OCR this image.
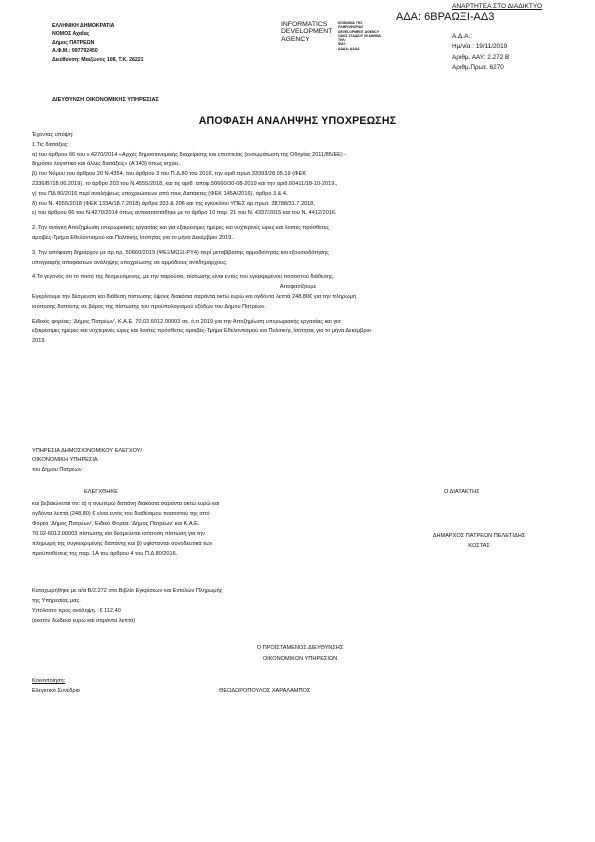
ΕΛΛΗΝΙΚΗ ΔΗΜΟΚΡΑΤΙΑ
ΝΟΜΟΣ Αχαΐας
Δήμος ΠΑΤΡΕΩΝ
Α.Φ.Μ.: 997792450
Διεύθυνση: Μαιζώνος 108, Τ.Κ. 26221
INFORMATICS
DEVELOPMENT
AGENCY
ΚΟΙΝΩΝΙΑ ΤΗΣ
ΠΛΗΡΟΦΟΡΙΑΣ
DEVELOPMENT AGENCY
ΟΔΟΣ ΣΤΑΔΙΟΥ 35 ΑΘΗΝΑ
ΤΗΛ:
ΦΑΞ:
ΑΑΑΑ: ΑΑΑΑ
ΑΝΑΡΤΗΤΕΑ ΣΤΟ ΔΙΑΔΙΚΤΥΟ
ΑΔΑ: 6ΒΡΑΩΞΙ-ΑΔ3
Α.Δ.Α.:
Ημ/νία : 19/11/2019
Αριθμ. ΑΑΥ: 2.272 Β
Αριθμ.Πρωτ. 6270
ΔΙΕΥΘΥΝΣΗ ΟΙΚΟΝΟΜΙΚΗΣ ΥΠΗΡΕΣΙΑΣ
ΑΠΟΦΑΣΗ ΑΝΑΛΗΨΗΣ ΥΠΟΧΡΕΩΣΗΣ
Έχοντας υπόψη:
1.Τις διατάξεις:
α) του άρθρου 66 του ν.4270/2014 «Αρχές δημοσιονομικής διαχείρισης και εποπτείας (ενσωμάτωση της Οδηγίας 2011/85/ΕΕ) -
δημόσιο λογιστικό και άλλες διατάξεις» (Α'143) όπως ισχύει,
β) του Νόμου του άρθρου 20 Ν.4354, του άρθρου 3 του Π.Δ.80 του 2016, την αριθ.πρωτ.33393/28.05.19 (ΦΕΚ
2336/Β'/18.06.2019), το άρθρο 203 του Ν.4555/2018, και τις αριθ. αποφ.50660/30-08-2019 και την αριθ.60411/18-10-2019.,
γ) του ΠΔ 80/2016 περί αναλήψεως υποχρεώσεων από τους Διατάκτες (ΦΕΚ 145Α/2016), άρθρο 3 & 4,
δ) του Ν. 4555/2018 (ΦΕΚ 133Α/18.7.2018) άρθρα 203 & 206 και της εγκυκλίου ΥΠΕΣ αρ.πρωτ. 38788/31.7.2018,
ε) του άρθρου 66 του Ν.4270/2014 όπως αντικαταστάθηκε με το άρθρο 10 παρ. 21 του Ν. 4337/2015 και του Ν. 4412/2016.
2. Την ανάγκη Αποζημίωση υπερωριακής εργασίας και για εξαιρέσιμες ημέρες και νυχτερινές ώρες και λοιπές πρόσθετες
αμοιβές-Τμήμα Εθελοντισμού και Πολιτικής Ισότητας για το μήνα Δεκέμβριο 2019..
3. Την απόφαση δημάρχου με αρ.πρ. 50660/2019 (ΨΕΞΜΩΞΙ-ΡΥ4) περί μεταβίβασης αρμοδιότητας και εξουσιοδότησης
υπογραφής αποφάσεων ανάληψης υποχρέωσης σε αρμόδιους αντιδημάρχους.
4.Το γεγονός ότι το ποσό της δεσμευόμενης, με την παρούσα, πίστωσης είναι εντός του εγκεκριμένου ποσοστού διάθεσης.
Αποφασίζουμε
Εγκρίνουμε την δέσμευση και διάθεση πίστωσης ύψους διακόσια σαράντα οκτώ ευρώ και ογδόντα λεπτά 248,80€ για την πληρωμή
ισόποσης δαπάνης σε βάρος της πίστωσης του προϋπολογισμού εξόδων του Δήμου Πατρέων.
Ειδικός φορέας: 'Δήμος Πατρέων', Κ.Α.Ε. 70.02.6012.00003 σε, ό,τι 2019 για την Αποζημίωση υπερωριακής εργασίας και για
εξαιρέσιμες ημέρες και νυχτερινές ώρες και λοιπές πρόσθετες αμοιβές-Τμήμα Εθελοντισμού και Πολιτικής Ισότητας για το μήνα Δεκέμβριο
2019.
ΥΠΗΡΕΣΙΑ ΔΗΜΟΣΙΟΝΟΜΙΚΟΥ ΕΛΕΓΧΟΥ/
ΟΙΚΟΝΟΜΙΚΗ ΥΠΗΡΕΣΙΑ
του Δήμου Πατρέων
ΕΛΕΓΧΘΗΚΕ	Ο ΔΙΑΤΑΚΤΗΣ
και βεβαιώνεται ότι: α) η ανωτέρω δαπάνη διακόσια σαράντα οκτώ ευρώ και
ογδόντα λεπτά (248,80) € είναι εντός του διαθέσιμου ποσοστού της από
Φορέα 'Δήμος Πατρέων', Ειδικό Φορέα: 'Δήμος Πατρέων' και Κ.Α.Ε.
70.02-6012.00003 πίστωσης και δεσμεύεται ισόποση πίστωση για την
πληρωμή της συγκεκριμένης δαπάνης και β) υφίστανται συνοδευτικά των
προϋποθέσεις της παρ. 1Α του άρθρου 4 του Π.Δ 80/2016.
ΔΗΜΑΡΧΟΣ ΠΑΤΡΕΩΝ ΠΕΛΕΤΙΔΗΣ
ΚΩΣΤΑΣ
Καταχωρήθηκε με α/α Β/2.272 στο Βιβλίο Εγκρίσεων και Εντολών Πληρωμής
της Υπηρεσίας μας.
Υπόλοιπο προς ανάληψη.: € 112,40
(εκατόν δώδεκα ευρώ και σαράντα λεπτά)
Ο ΠΡΟΪΣΤΑΜΕΝΟΣ ΔΙΕΥΘΥΝΣΗΣ
ΟΙΚΟΝΟΜΙΚΩΝ ΥΠΗΡΕΣΙΩΝ
Κοινοποίηση:
Ελεγκτικό Συνέδριο	ΘΕΟΔΩΡΟΠΟΥΛΟΣ ΧΑΡΑΛΑΜΠΟΣ
